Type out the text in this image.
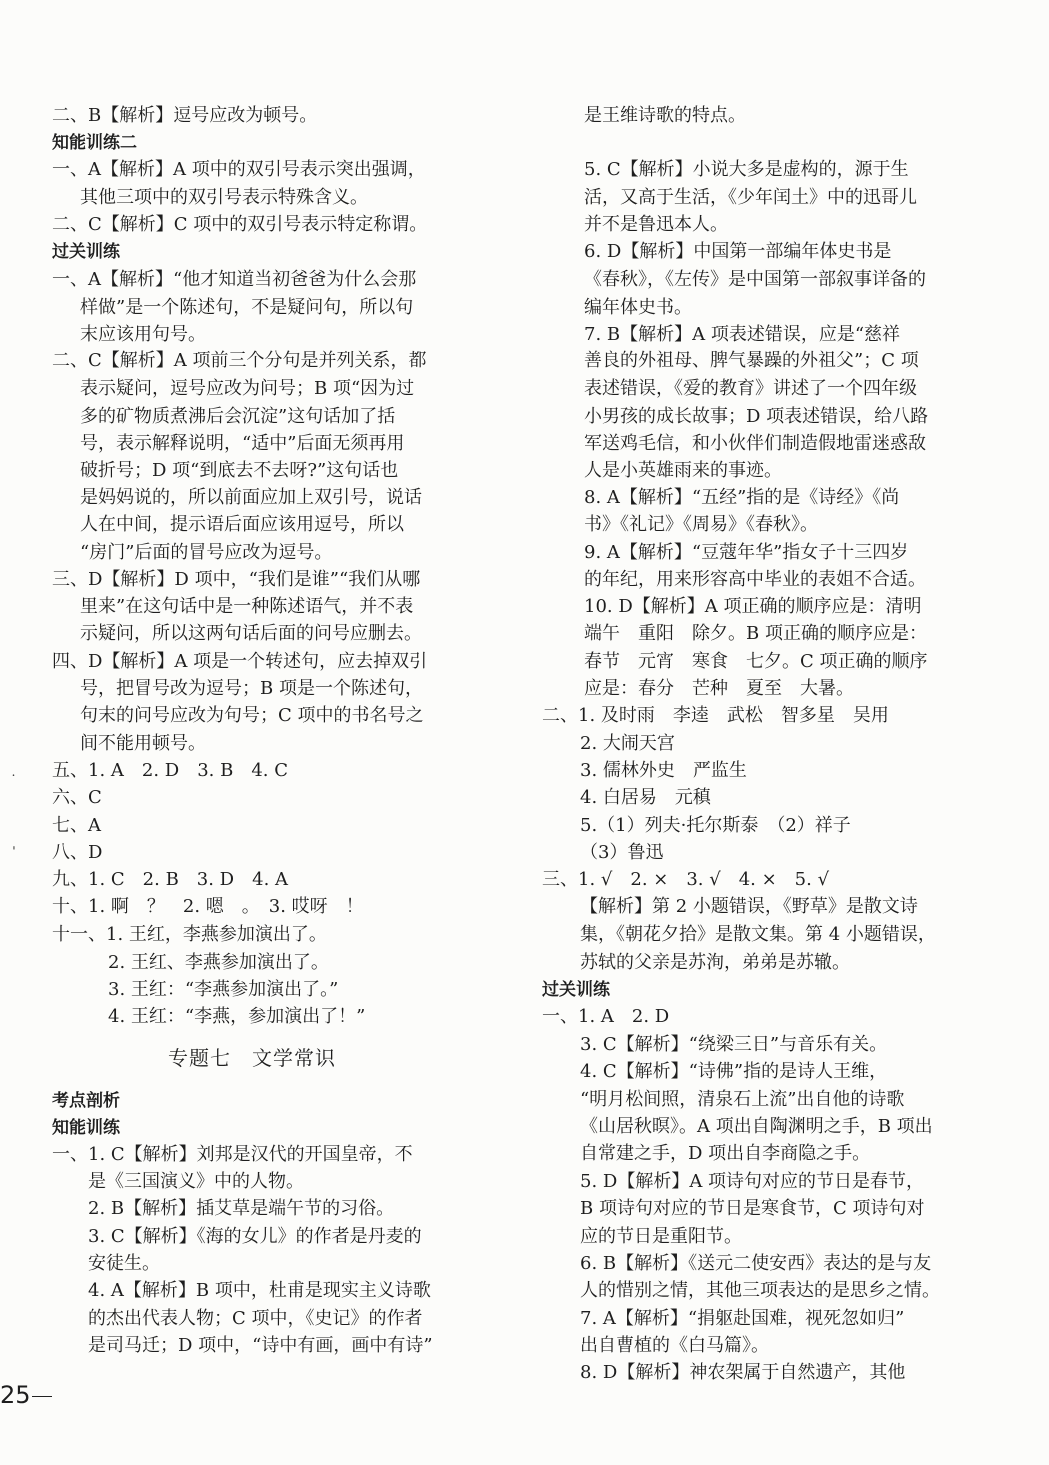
二、B【解析】逗号应改为顿号。
知能训练二
一、A【解析】A 项中的双引号表示突出强调，
其他三项中的双引号表示特殊含义。
二、C【解析】C 项中的双引号表示特定称谓。
过关训练
一、A【解析】“他才知道当初爸爸为什么会那
样做”是一个陈述句，不是疑问句，所以句
末应该用句号。
二、C【解析】A 项前三个分句是并列关系，都
表示疑问，逗号应改为问号；B 项“因为过
多的矿物质煮沸后会沉淀”这句话加了括
号，表示解释说明，“适中”后面无须再用
破折号；D 项“到底去不去呀?”这句话也
是妈妈说的，所以前面应加上双引号，说话
人在中间，提示语后面应该用逗号，所以
“房门”后面的冒号应改为逗号。
三、D【解析】D 项中，“我们是谁”“我们从哪
里来”在这句话中是一种陈述语气，并不表
示疑问，所以这两句话后面的问号应删去。
四、D【解析】A 项是一个转述句，应去掉双引
号，把冒号改为逗号；B 项是一个陈述句，
句末的问号应改为句号；C 项中的书名号之
间不能用顿号。
五、1. A　2. D　3. B　4. C
六、C
七、A
八、D
九、1. C　2. B　3. D　4. A
十、1. 啊　？　2. 嗯　。　3. 哎呀　！
十一、1. 王红，李燕参加演出了。
2. 王红、李燕参加演出了。
3. 王红：“李燕参加演出了。”
4. 王红：“李燕，参加演出了！”
专题七　文学常识
考点剖析
知能训练
一、1. C【解析】刘邦是汉代的开国皇帝，不
是《三国演义》中的人物。
2. B【解析】插艾草是端午节的习俗。
3. C【解析】《海的女儿》的作者是丹麦的
安徒生。
4. A【解析】B 项中，杜甫是现实主义诗歌
的杰出代表人物；C 项中，《史记》的作者
是司马迁；D 项中，“诗中有画，画中有诗”
是王维诗歌的特点。
5. C【解析】小说大多是虚构的，源于生
活，又高于生活，《少年闰土》中的迅哥儿
并不是鲁迅本人。
6. D【解析】中国第一部编年体史书是
《春秋》，《左传》是中国第一部叙事详备的
编年体史书。
7. B【解析】A 项表述错误，应是“慈祥
善良的外祖母、脾气暴躁的外祖父”；C 项
表述错误，《爱的教育》讲述了一个四年级
小男孩的成长故事；D 项表述错误，给八路
军送鸡毛信，和小伙伴们制造假地雷迷惑敌
人是小英雄雨来的事迹。
8. A【解析】“五经”指的是《诗经》《尚
书》《礼记》《周易》《春秋》。
9. A【解析】“豆蔻年华”指女子十三四岁
的年纪，用来形容高中毕业的表姐不合适。
10. D【解析】A 项正确的顺序应是：清明
端午　重阳　除夕。B 项正确的顺序应是：
春节　元宵　寒食　七夕。C 项正确的顺序
应是：春分　芒种　夏至　大暑。
二、1. 及时雨　李逵　武松　智多星　吴用
2. 大闹天宫
3. 儒林外史　严监生
4. 白居易　元稹
5.（1）列夫·托尔斯泰　（2）祥子
（3）鲁迅
三、1. √　2. ×　3. √　4. ×　5. √
【解析】第 2 小题错误，《野草》是散文诗
集，《朝花夕拾》是散文集。第 4 小题错误，
苏轼的父亲是苏洵，弟弟是苏辙。
过关训练
一、1. A　2. D
3. C【解析】“绕梁三日”与音乐有关。
4. C【解析】“诗佛”指的是诗人王维，
“明月松间照，清泉石上流”出自他的诗歌
《山居秋暝》。A 项出自陶渊明之手，B 项出
自常建之手，D 项出自李商隐之手。
5. D【解析】A 项诗句对应的节日是春节，
B 项诗句对应的节日是寒食节，C 项诗句对
应的节日是重阳节。
6. B【解析】《送元二使安西》表达的是与友
人的惜别之情，其他三项表达的是思乡之情。
7. A【解析】“捐躯赴国难，视死忽如归”
出自曹植的《白马篇》。
8. D【解析】神农架属于自然遗产，其他
˙
ˈ
25
